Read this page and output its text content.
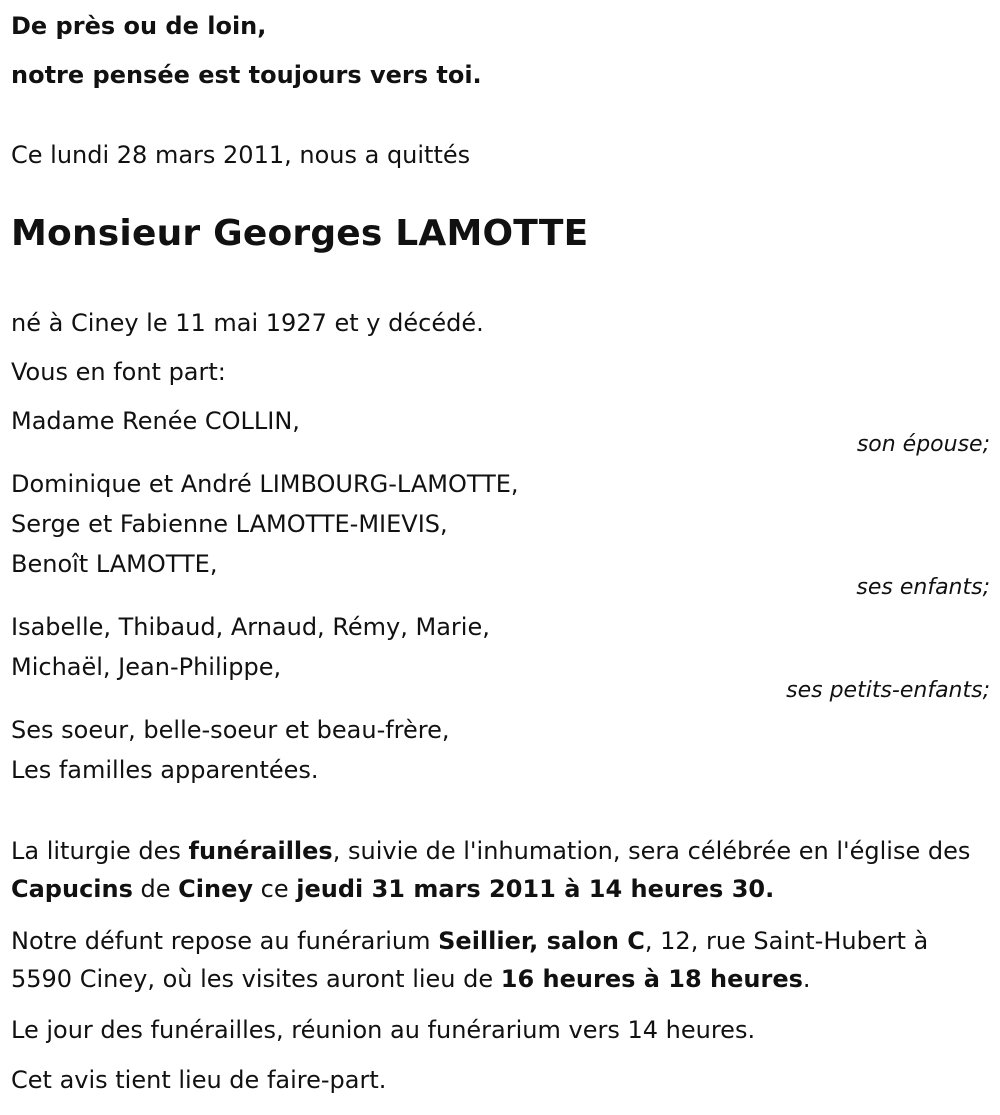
De près ou de loin,
notre pensée est toujours vers toi.
Ce lundi 28 mars 2011, nous a quittés
Monsieur Georges LAMOTTE
né à Ciney le 11 mai 1927 et y décédé.
Vous en font part:
Madame Renée COLLIN,
son épouse;
Dominique et André LIMBOURG-LAMOTTE,
Serge et Fabienne LAMOTTE-MIEVIS,
Benoît LAMOTTE,
ses enfants;
Isabelle, Thibaud, Arnaud, Rémy, Marie,
Michaël, Jean-Philippe,
ses petits-enfants;
Ses soeur, belle-soeur et beau-frère,
Les familles apparentées.
La liturgie des funérailles, suivie de l'inhumation, sera célébrée en l'église des Capucins de Ciney ce jeudi 31 mars 2011 à 14 heures 30.
Notre défunt repose au funérarium Seillier, salon C, 12, rue Saint-Hubert à 5590 Ciney, où les visites auront lieu de 16 heures à 18 heures.
Le jour des funérailles, réunion au funérarium vers 14 heures.
Cet avis tient lieu de faire-part.
